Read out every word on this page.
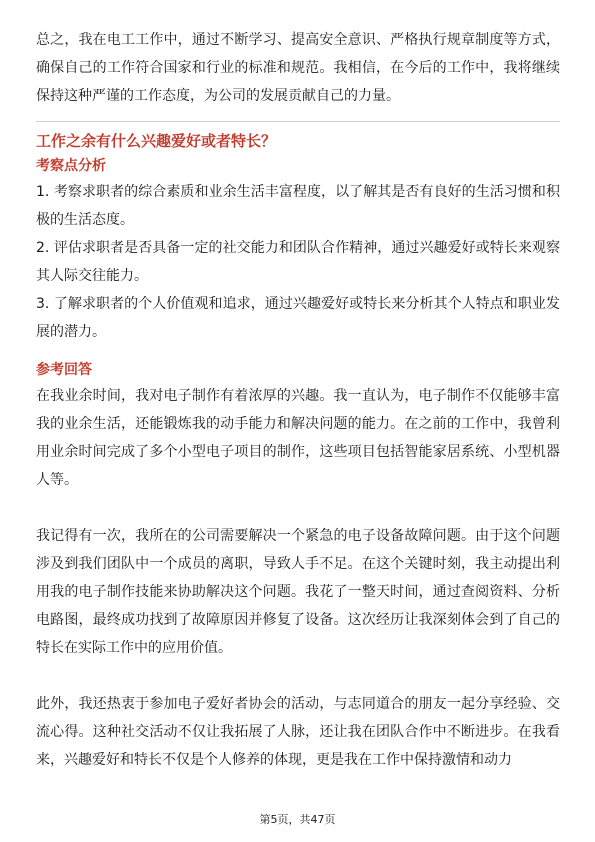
总之，我在电工工作中，通过不断学习、提高安全意识、严格执行规章制度等方式，确保自己的工作符合国家和行业的标准和规范。我相信，在今后的工作中，我将继续保持这种严谨的工作态度，为公司的发展贡献自己的力量。

工作之余有什么兴趣爱好或者特长？
考察点分析

1. 考察求职者的综合素质和业余生活丰富程度，以了解其是否有良好的生活习惯和积极的生活态度。

2. 评估求职者是否具备一定的社交能力和团队合作精神，通过兴趣爱好或特长来观察其人际交往能力。

3. 了解求职者的个人价值观和追求，通过兴趣爱好或特长来分析其个人特点和职业发展的潜力。

参考回答

在我业余时间，我对电子制作有着浓厚的兴趣。我一直认为，电子制作不仅能够丰富我的业余生活，还能锻炼我的动手能力和解决问题的能力。在之前的工作中，我曾利用业余时间完成了多个小型电子项目的制作，这些项目包括智能家居系统、小型机器人等。

我记得有一次，我所在的公司需要解决一个紧急的电子设备故障问题。由于这个问题涉及到我们团队中一个成员的离职，导致人手不足。在这个关键时刻，我主动提出利用我的电子制作技能来协助解决这个问题。我花了一整天时间，通过查阅资料、分析电路图，最终成功找到了故障原因并修复了设备。这次经历让我深刻体会到了自己的特长在实际工作中的应用价值。

此外，我还热衷于参加电子爱好者协会的活动，与志同道合的朋友一起分享经验、交流心得。这种社交活动不仅让我拓展了人脉，还让我在团队合作中不断进步。在我看来，兴趣爱好和特长不仅是个人修养的体现，更是我在工作中保持激情和动力

第5页，共47页
